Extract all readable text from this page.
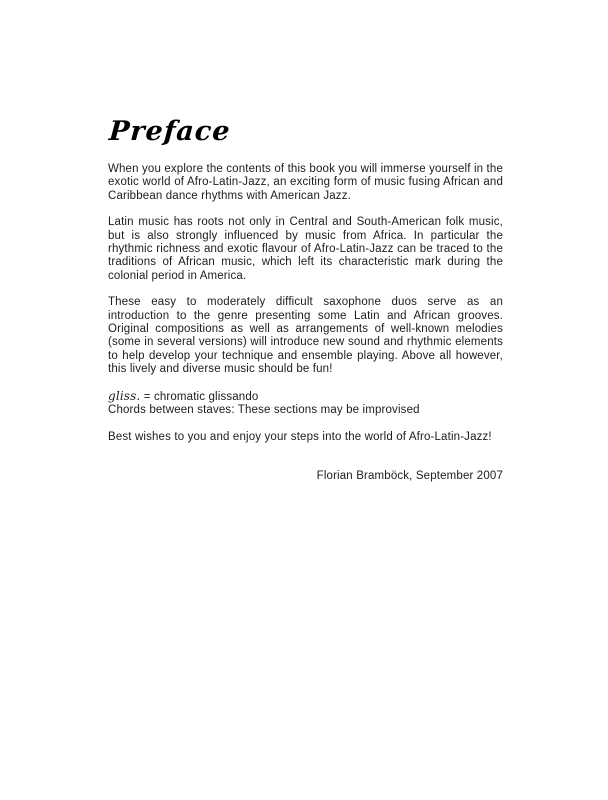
Preface

When you explore the contents of this book you will immerse yourself in the exotic world of Afro-Latin-Jazz, an exciting form of music fusing African and Caribbean dance rhythms with American Jazz.

Latin music has roots not only in Central and South-American folk music, but is also strongly influenced by music from Africa. In particular the rhythmic richness and exotic flavour of Afro-Latin-Jazz can be traced to the traditions of African music, which left its characteristic mark during the colonial period in America.

These easy to moderately difficult saxophone duos serve as an introduction to the genre presenting some Latin and African grooves. Original compositions as well as arrangements of well-known melodies (some in several versions) will introduce new sound and rhythmic elements to help develop your technique and ensemble playing. Above all however, this lively and diverse music should be fun!

gliss. = chromatic glissando

Chords between staves: These sections may be improvised

Best wishes to you and enjoy your steps into the world of Afro-Latin-Jazz!

Florian Bramböck, September 2007
